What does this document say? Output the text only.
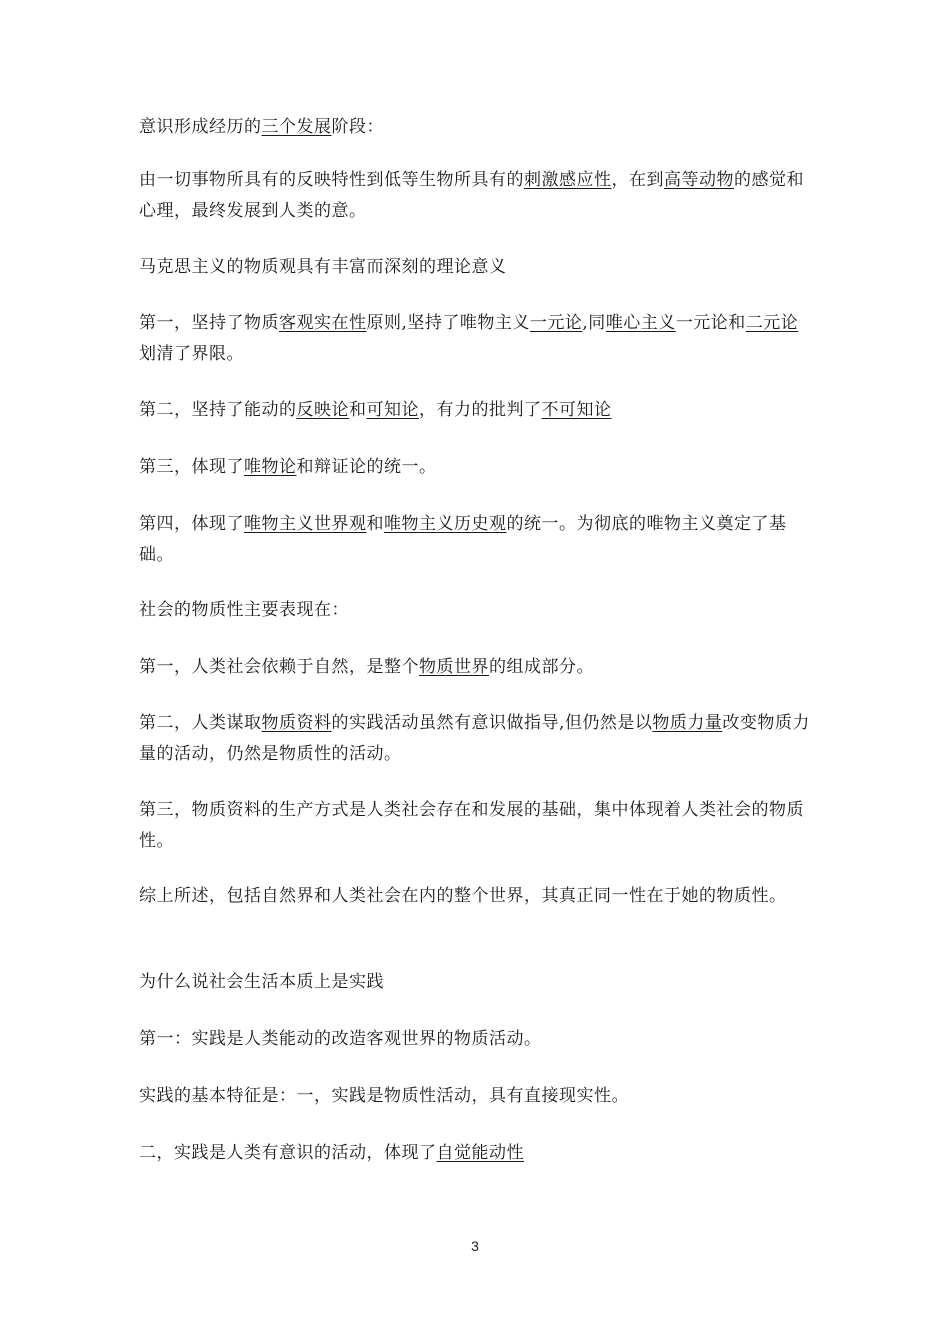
意识形成经历的三个发展阶段：

由一切事物所具有的反映特性到低等生物所具有的刺激感应性，在到高等动物的感觉和心理，最终发展到人类的意。

马克思主义的物质观具有丰富而深刻的理论意义

第一，坚持了物质客观实在性原则,坚持了唯物主义一元论,同唯心主义一元论和二元论划清了界限。

第二，坚持了能动的反映论和可知论，有力的批判了不可知论

第三，体现了唯物论和辩证论的统一。

第四，体现了唯物主义世界观和唯物主义历史观的统一。为彻底的唯物主义奠定了基础。

社会的物质性主要表现在：

第一，人类社会依赖于自然，是整个物质世界的组成部分。

第二，人类谋取物质资料的实践活动虽然有意识做指导,但仍然是以物质力量改变物质力量的活动，仍然是物质性的活动。

第三，物质资料的生产方式是人类社会存在和发展的基础，集中体现着人类社会的物质性。

综上所述，包括自然界和人类社会在内的整个世界，其真正同一性在于她的物质性。

为什么说社会生活本质上是实践

第一：实践是人类能动的改造客观世界的物质活动。

实践的基本特征是：一，实践是物质性活动，具有直接现实性。

二，实践是人类有意识的活动，体现了自觉能动性

3
